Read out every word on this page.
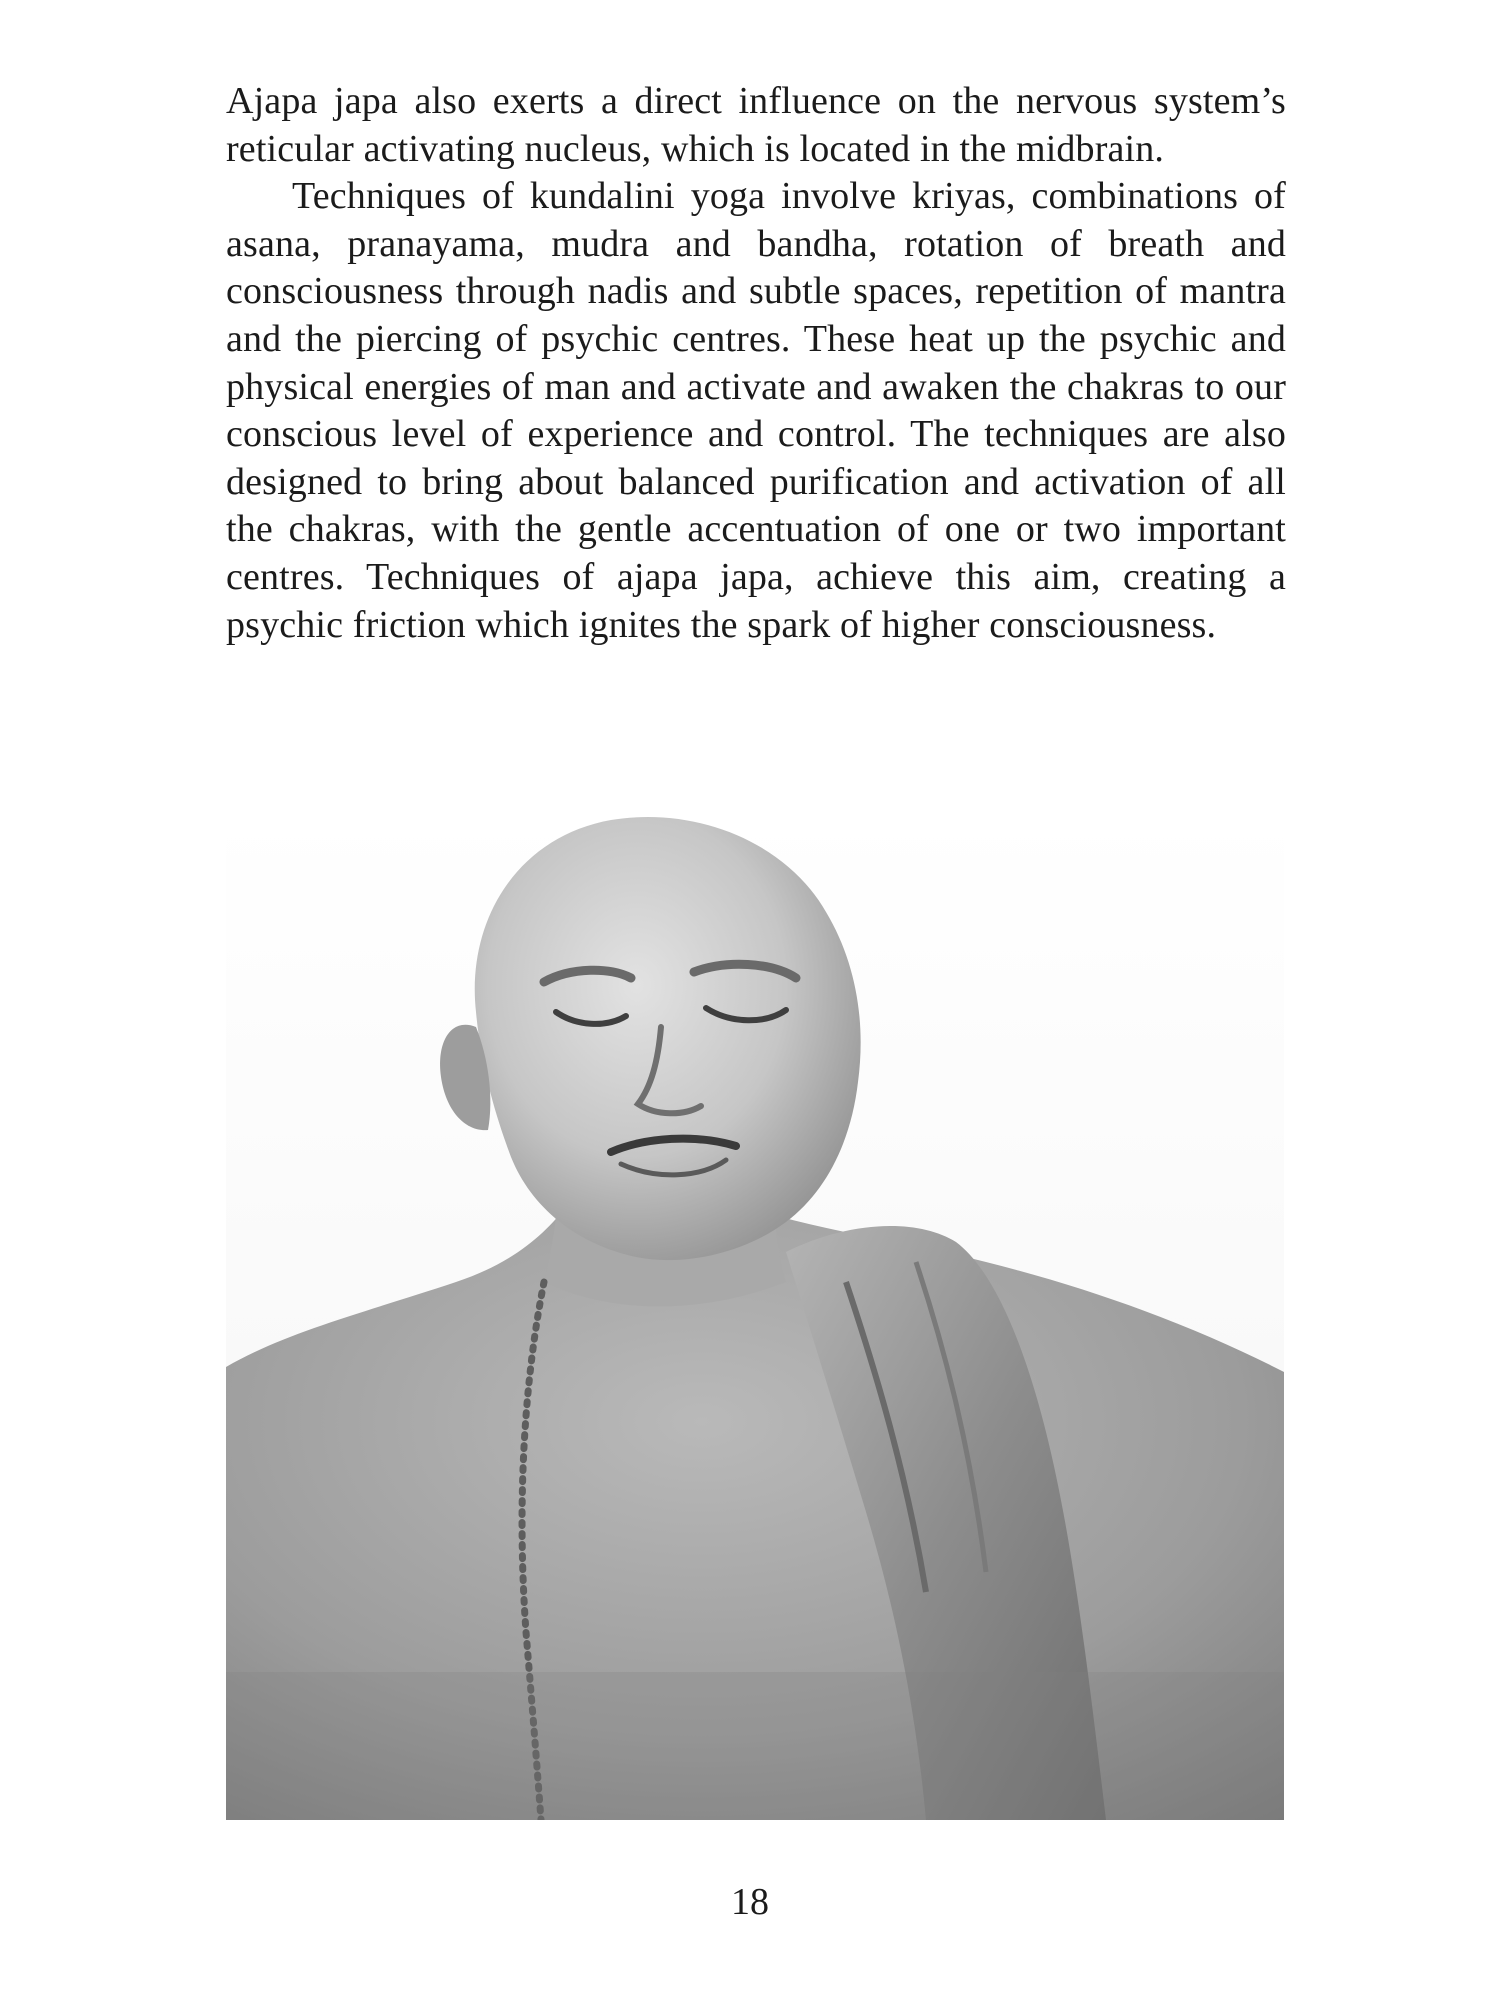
Ajapa japa also exerts a direct influence on the nervous system’s reticular activating nucleus, which is located in the midbrain.

Techniques of kundalini yoga involve kriyas, combinations of asana, pranayama, mudra and bandha, rotation of breath and consciousness through nadis and subtle spaces, repetition of mantra and the piercing of psychic centres. These heat up the psychic and physical energies of man and activate and awaken the chakras to our conscious level of experience and control. The techniques are also designed to bring about balanced purification and activation of all the chakras, with the gentle accentuation of one or two important centres. Techniques of ajapa japa, achieve this aim, creating a psychic friction which ignites the spark of higher consciousness.

18
